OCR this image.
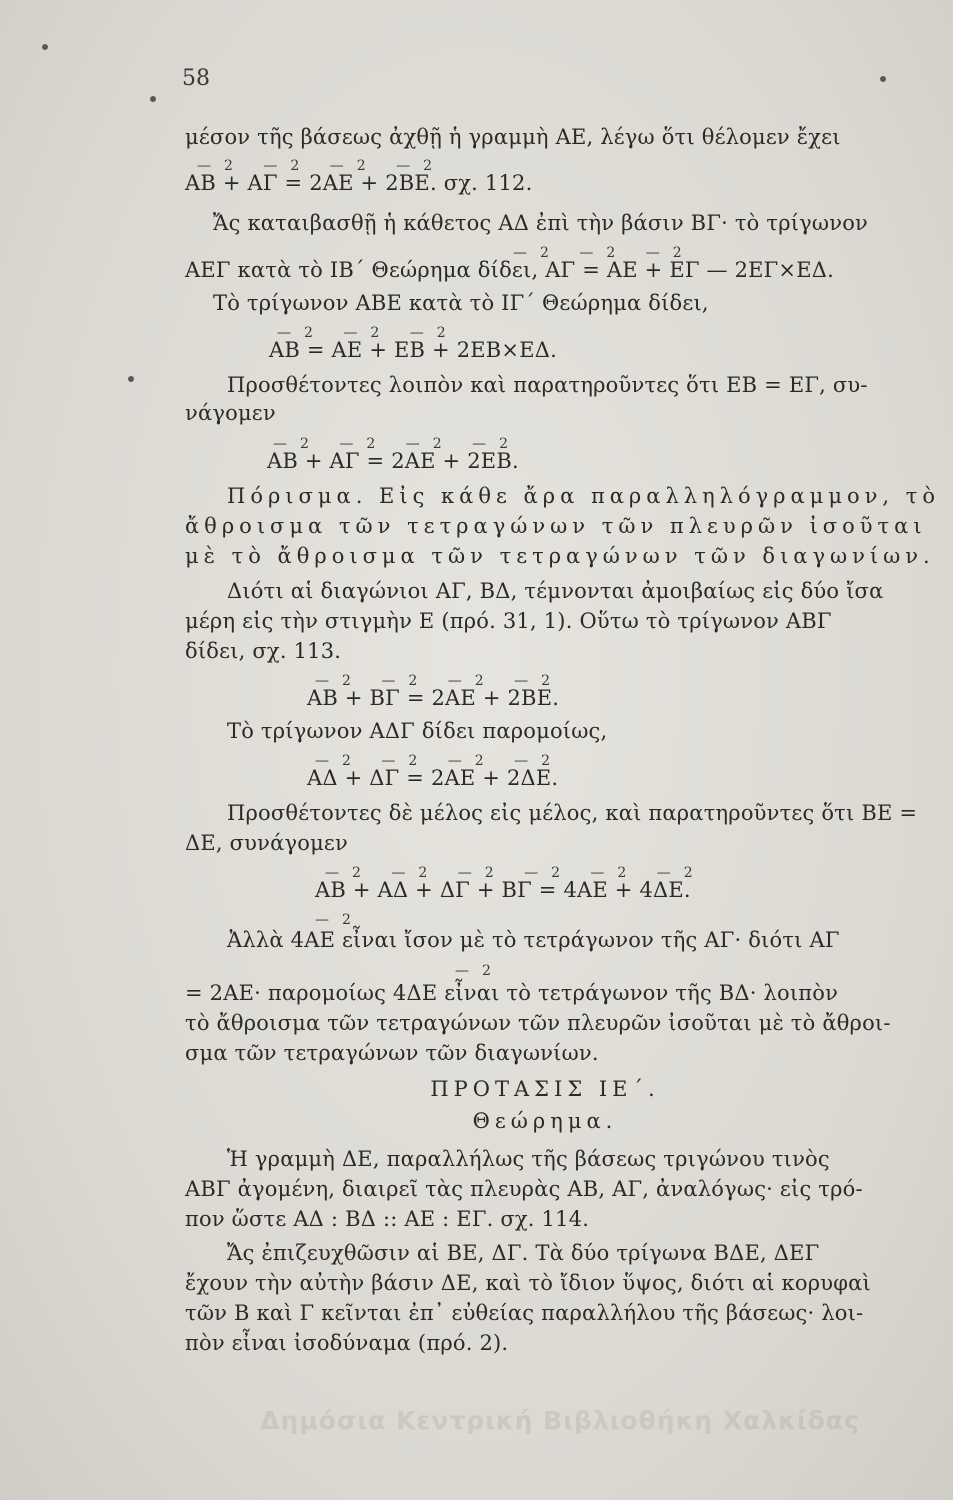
58
μέσον τῆς βάσεως ἀχθῇ ἡ γραμμὴ ΑΕ, λέγω ὅτι θέλομεν ἔχει
—2 —2 —2 —2
ΑΒ + ΑΓ = 2ΑΕ + 2ΒΕ. σχ. 112.
Ἄς καταιβασθῇ ἡ κάθετος ΑΔ ἐπὶ τὴν βάσιν ΒΓ· τὸ τρίγωνον
—2 —2 —2
ΑΕΓ κατὰ τὸ ΙΒ΄ Θεώρημα δίδει, ΑΓ = ΑΕ + ΕΓ — 2ΕΓ×ΕΔ.
Τὸ τρίγωνον ΑΒΕ κατὰ τὸ ΙΓ΄ Θεώρημα δίδει,
—2 —2 —2
ΑΒ = ΑΕ + ΕΒ + 2ΕΒ×ΕΔ.
Προσθέτοντες λοιπὸν καὶ παρατηροῦντες ὅτι ΕΒ = ΕΓ, συ-
νάγομεν
—2 —2 —2 —2
ΑΒ + ΑΓ = 2ΑΕ + 2ΕΒ.
Πόρισμα. Εἰς κάθε ἄρα παραλληλόγραμμον, τὸ
ἄθροισμα τῶν τετραγώνων τῶν πλευρῶν ἰσοῦται
μὲ τὸ ἄθροισμα τῶν τετραγώνων τῶν διαγωνίων.
Διότι αἱ διαγώνιοι ΑΓ, ΒΔ, τέμνονται ἀμοιβαίως εἰς δύο ἴσα
μέρη εἰς τὴν στιγμὴν Ε (πρό. 31, 1). Οὕτω τὸ τρίγωνον ΑΒΓ
δίδει, σχ. 113.
—2 —2 —2 —2
ΑΒ + ΒΓ = 2ΑΕ + 2ΒΕ.
Τὸ τρίγωνον ΑΔΓ δίδει παρομοίως,
—2 —2 —2 —2
ΑΔ + ΔΓ = 2ΑΕ + 2ΔΕ.
Προσθέτοντες δὲ μέλος εἰς μέλος, καὶ παρατηροῦντες ὅτι ΒΕ =
ΔΕ, συνάγομεν
—2 —2 —2 —2 —2 —2
ΑΒ + ΑΔ + ΔΓ + ΒΓ = 4ΑΕ + 4ΔΕ.
—2
Ἀλλὰ 4ΑΕ εἶναι ἴσον μὲ τὸ τετράγωνον τῆς ΑΓ· διότι ΑΓ
—2
= 2ΑΕ· παρομοίως 4ΔΕ εἶναι τὸ τετράγωνον τῆς ΒΔ· λοιπὸν
τὸ ἄθροισμα τῶν τετραγώνων τῶν πλευρῶν ἰσοῦται μὲ τὸ ἄθροι-
σμα τῶν τετραγώνων τῶν διαγωνίων.
ΠΡΟΤΑΣΙΣ ΙΕ΄.
Θεώρημα.
Ἡ γραμμὴ ΔΕ, παραλλήλως τῆς βάσεως τριγώνου τινὸς
ΑΒΓ ἀγομένη, διαιρεῖ τὰς πλευρὰς ΑΒ, ΑΓ, ἀναλόγως· εἰς τρό-
πον ὥστε ΑΔ : ΒΔ :: ΑΕ : ΕΓ. σχ. 114.
Ἄς ἐπιζευχθῶσιν αἱ ΒΕ, ΔΓ. Τὰ δύο τρίγωνα ΒΔΕ, ΔΕΓ
ἔχουν τὴν αὐτὴν βάσιν ΔΕ, καὶ τὸ ἴδιον ὕψος, διότι αἱ κορυφαὶ
τῶν Β καὶ Γ κεῖνται ἐπ᾿ εὐθείας παραλλήλου τῆς βάσεως· λοι-
πὸν εἶναι ἰσοδύναμα (πρό. 2).
Δημόσια Κεντρική Βιβλιοθήκη Χαλκίδας
